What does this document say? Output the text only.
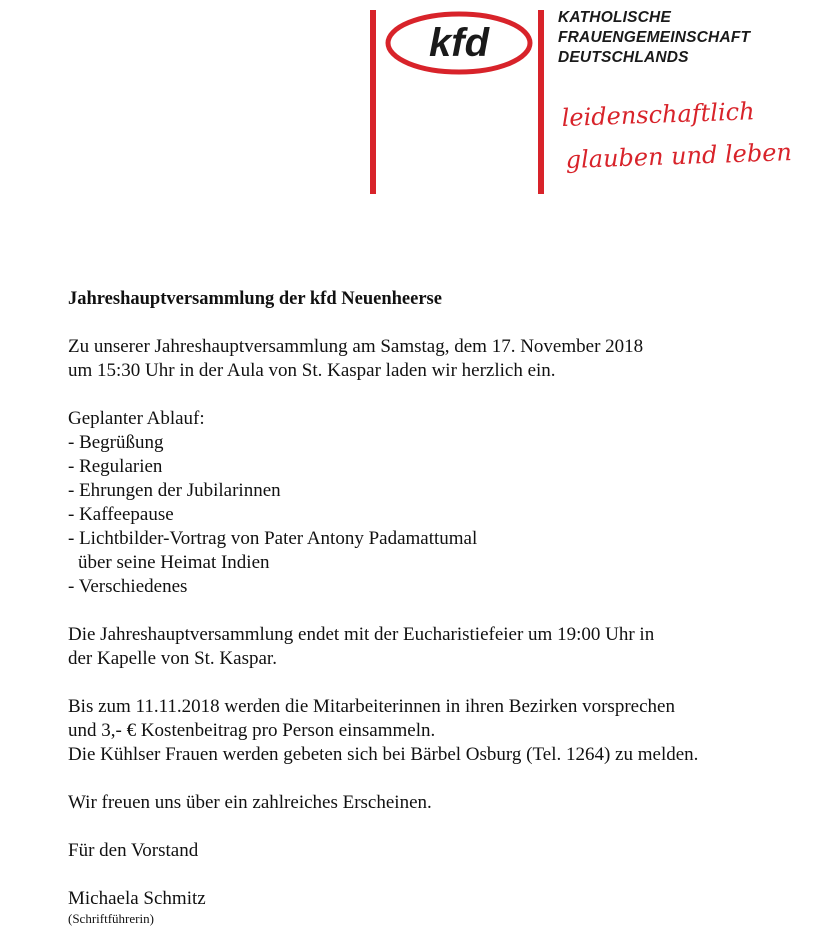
kfd
KATHOLISCHE
FRAUENGEMEINSCHAFT
DEUTSCHLANDS
leidenschaftlich
glauben und leben

Jahreshauptversammlung der kfd Neuenheerse

Zu unserer Jahreshauptversammlung am Samstag, dem 17. November 2018

um 15:30 Uhr in der Aula von St. Kaspar laden wir herzlich ein.

Geplanter Ablauf:

- Begrüßung

- Regularien

- Ehrungen der Jubilarinnen

- Kaffeepause

- Lichtbilder-Vortrag von Pater Antony Padamattumal

über seine Heimat Indien

- Verschiedenes

Die Jahreshauptversammlung endet mit der Eucharistiefeier um 19:00 Uhr in

der Kapelle von St. Kaspar.

Bis zum 11.11.2018 werden die Mitarbeiterinnen in ihren Bezirken vorsprechen

und 3,- € Kostenbeitrag pro Person einsammeln.

Die Kühlser Frauen werden gebeten sich bei Bärbel Osburg (Tel. 1264) zu melden.

Wir freuen uns über ein zahlreiches Erscheinen.

Für den Vorstand

Michaela Schmitz

(Schriftführerin)
